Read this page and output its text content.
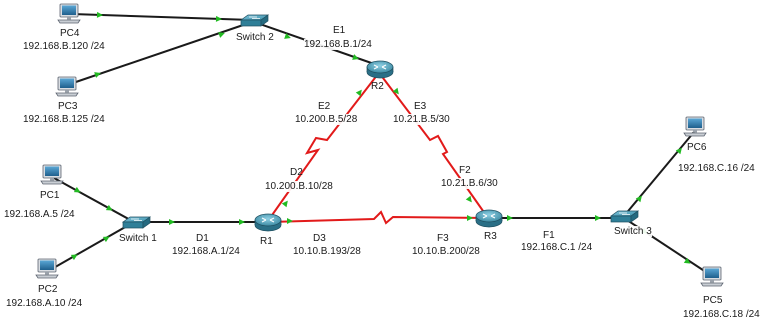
PC4
192.168.B.120 /24
PC3
192.168.B.125 /24
PC1
192.168.A.5 /24
PC2
192.168.A.10 /24
PC6
192.168.C.16 /24
PC5
192.168.C.18 /24
Switch 2
Switch 1
Switch 3
R2
R1	R3
E1
192.168.B.1/24
E2
10.200.B.5/28
E3
10.21.B.5/30
D2
10.200.B.10/28
F2
10.21.B.6/30
D1
192.168.A.1/24
D3
10.10.B.193/28
F3
10.10.B.200/28
F1
192.168.C.1 /24
